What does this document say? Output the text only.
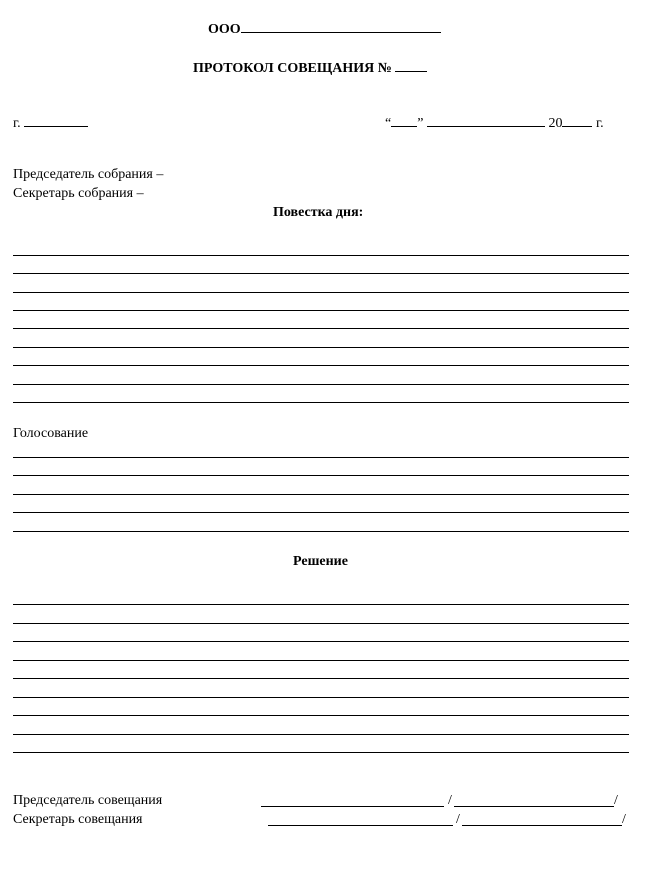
ООО
ПРОТОКОЛ СОВЕЩАНИЯ №
г.	“ ”	20 г.
Председатель собрания –
Секретарь собрания –
Повестка дня:
Голосование
Решение
Председатель совещания	/	/
Секретарь совещания	/	/
